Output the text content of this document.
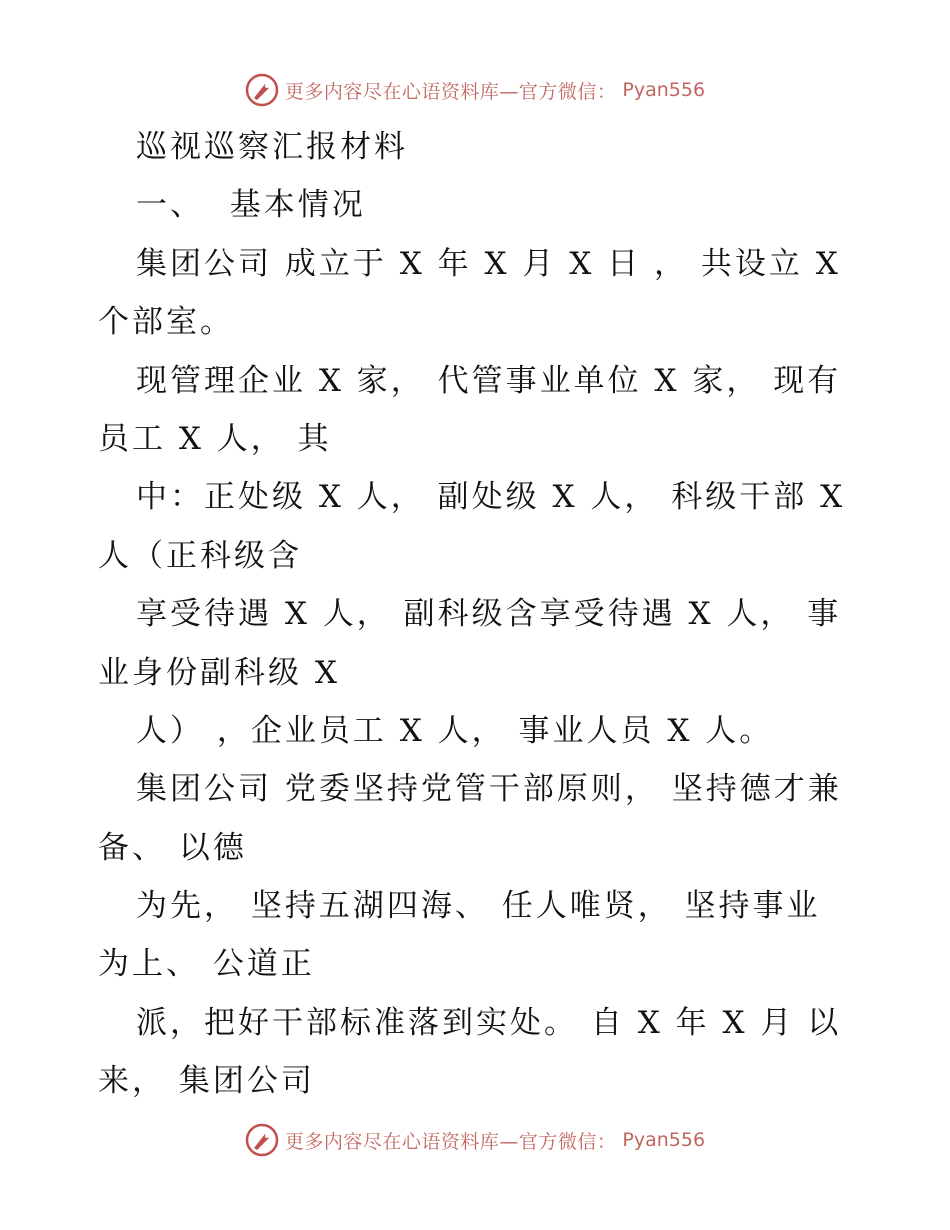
更多内容尽在心语资料库—官方微信： Pyan556
巡视巡察汇报材料
一、  基本情况
集团公司 成立于 X 年 X 月 X 日 ， 共设立 X
个部室。
现管理企业 X 家， 代管事业单位 X 家， 现有
员工 X 人， 其
中：正处级 X 人， 副处级 X 人， 科级干部 X
人（正科级含
享受待遇 X 人， 副科级含享受待遇 X 人， 事
业身份副科级 X
人） ，企业员工 X 人， 事业人员 X 人。
集团公司 党委坚持党管干部原则， 坚持德才兼
备、 以德
为先， 坚持五湖四海、 任人唯贤， 坚持事业
为上、 公道正
派，把好干部标准落到实处。 自 X 年 X 月 以
来， 集团公司
更多内容尽在心语资料库—官方微信： Pyan556
